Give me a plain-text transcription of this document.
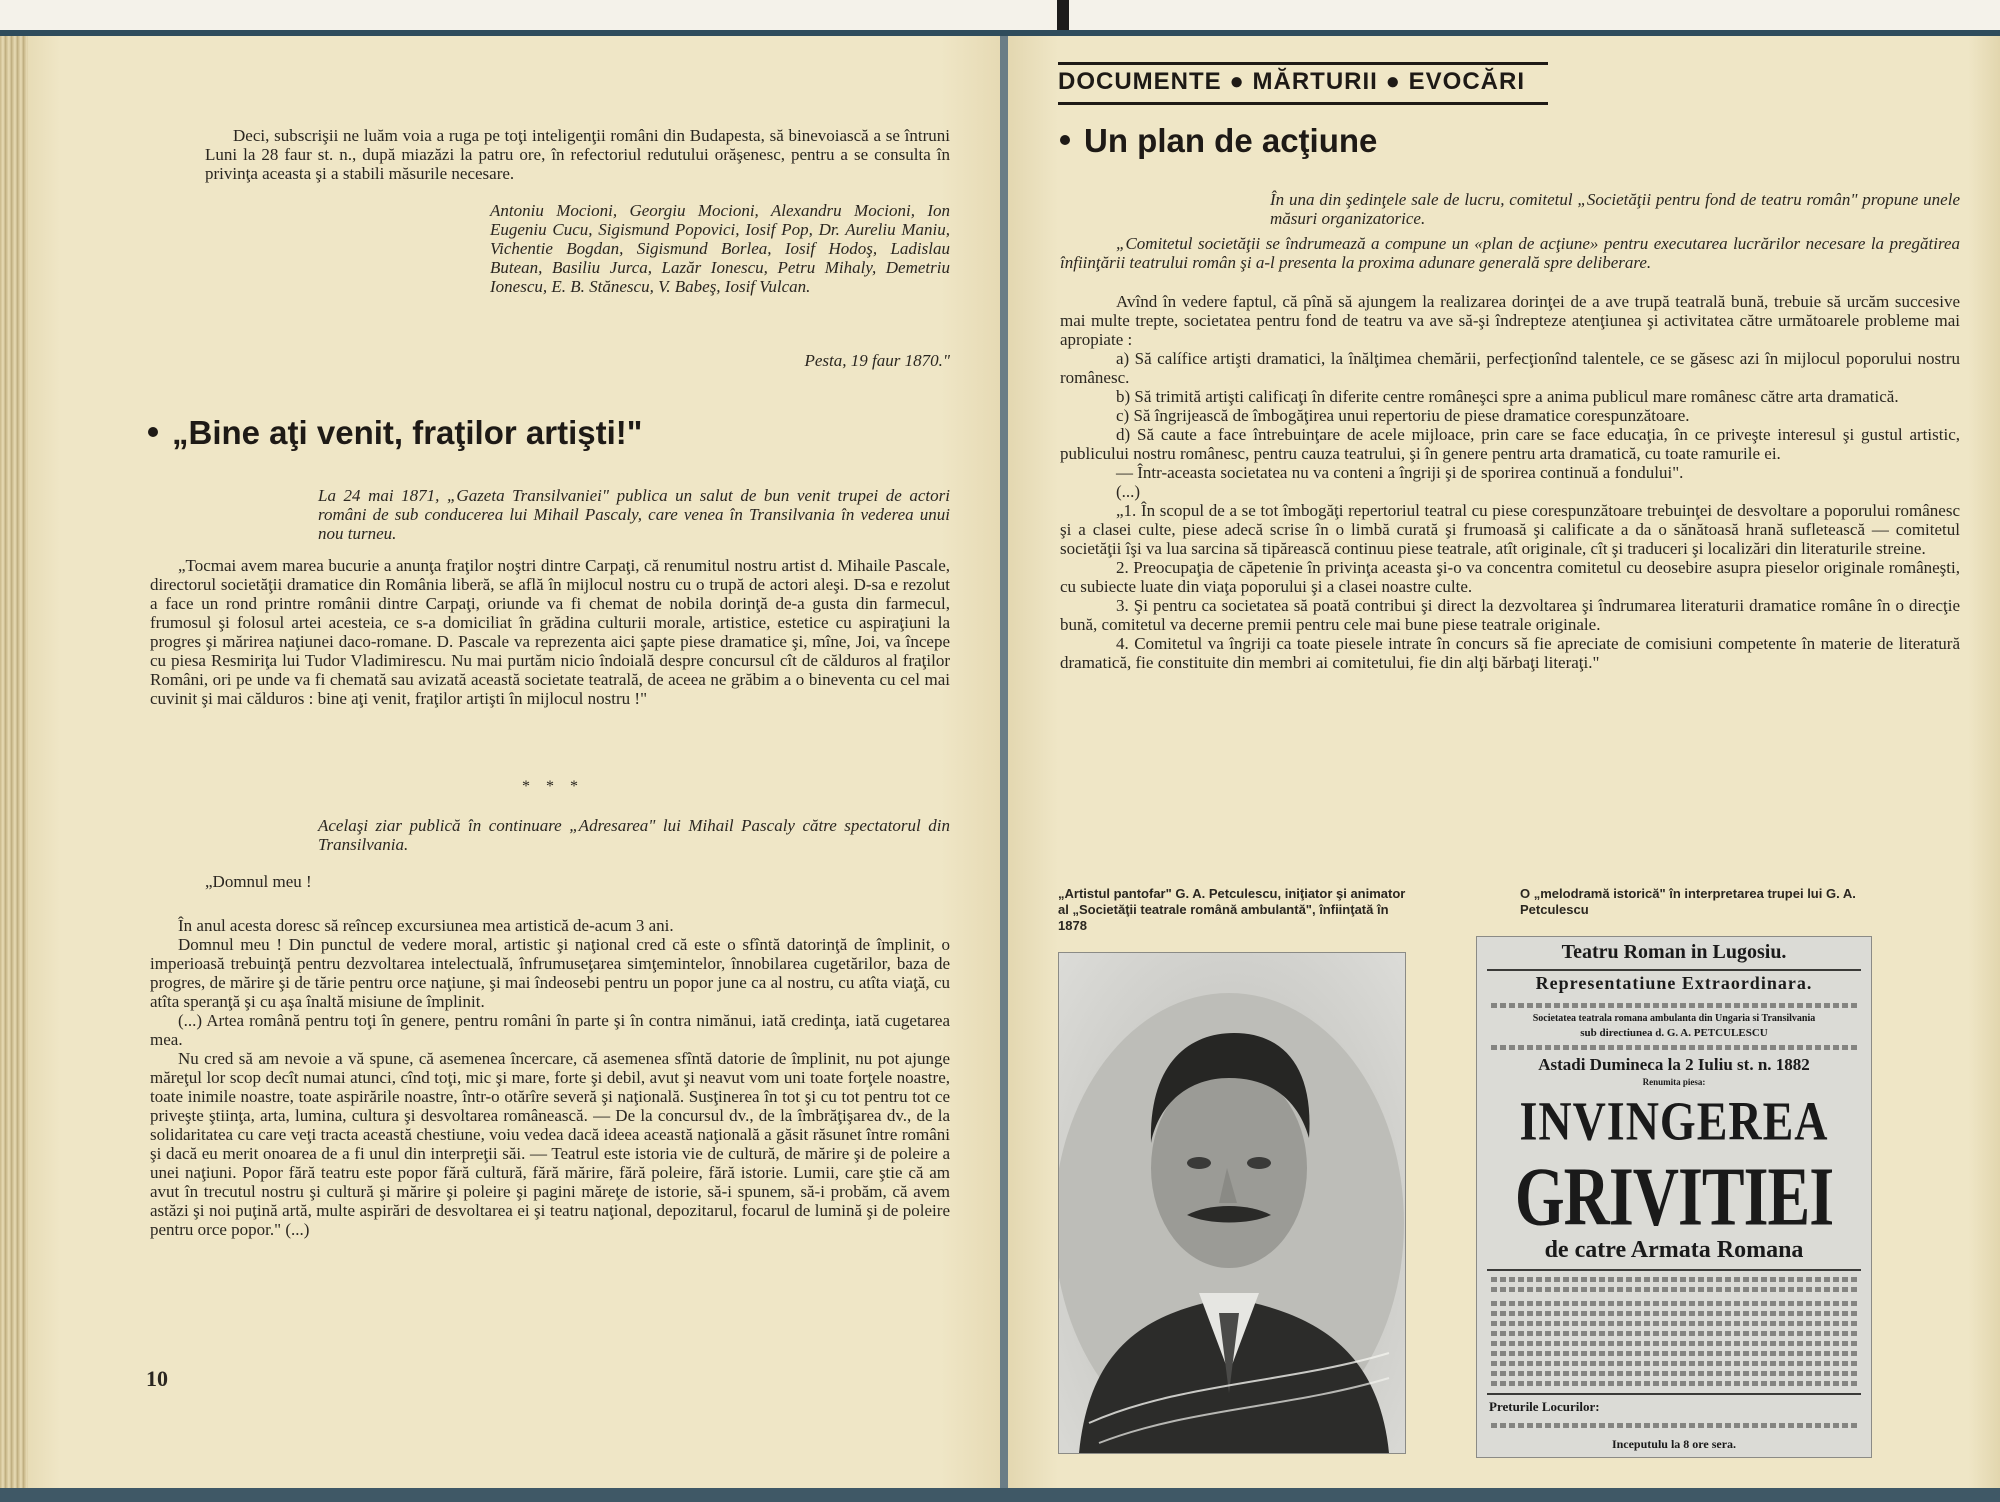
Deci, subscrişii ne luăm voia a ruga pe toţi inteligenţii români din Budapesta, să binevoiască a se întruni Luni la 28 faur st. n., după miazăzi la patru ore, în refectoriul redutului orăşenesc, pentru a se consulta în privinţa aceasta şi a stabili măsurile necesare.

Antoniu Mocioni, Georgiu Mocioni, Alexandru Mocioni, Ion Eugeniu Cucu, Sigismund Popovici, Iosif Pop, Dr. Aureliu Maniu, Vichentie Bogdan, Sigismund Borlea, Iosif Hodoş, Ladislau Butean, Basiliu Jurca, Lazăr Ionescu, Petru Mihaly, Demetriu Ionescu, E. B. Stănescu, V. Babeş, Iosif Vulcan.
Pesta, 19 faur 1870."
„Bine aţi venit, fraţilor artişti!"
La 24 mai 1871, „Gazeta Transilvaniei" publica un salut de bun venit trupei de actori români de sub conducerea lui Mihail Pascaly, care venea în Transilvania în vederea unui nou turneu.

„Tocmai avem marea bucurie a anunţa fraţilor noştri dintre Carpaţi, că renumitul nostru artist d. Mihaile Pascale, directorul societăţii dramatice din România liberă, se află în mijlocul nostru cu o trupă de actori aleşi. D-sa e rezolut a face un rond printre românii dintre Carpaţi, oriunde va fi chemat de nobila dorinţă de-a gusta din farmecul, frumosul şi folosul artei acesteia, ce s-a domiciliat în grădina culturii morale, artistice, estetice cu aspiraţiuni la progres şi mărirea naţiunei daco-romane. D. Pascale va reprezenta aici şapte piese dramatice şi, mîne, Joi, va începe cu piesa Resmiriţa lui Tudor Vladimirescu. Nu mai purtăm nicio îndoială despre concursul cît de călduros al fraţilor Români, ori pe unde va fi chemată sau avizată această societate teatrală, de aceea ne grăbim a o bineventa cu cel mai cuvinit şi mai călduros : bine aţi venit, fraţilor artişti în mijlocul nostru !"

* * *
Acelaşi ziar publică în continuare „Adresarea" lui Mihail Pascaly către spectatorul din Transilvania.
„Domnul meu !

În anul acesta doresc să reîncep excursiunea mea artistică de-acum 3 ani.

Domnul meu ! Din punctul de vedere moral, artistic şi naţional cred că este o sfîntă datorinţă de împlinit, o imperioasă trebuinţă pentru dezvoltarea intelectuală, înfrumuseţarea simţemintelor, înnobilarea cugetărilor, baza de progres, de mărire şi de tărie pentru orce naţiune, şi mai îndeosebi pentru un popor june ca al nostru, cu atîta viaţă, cu atîta speranţă şi cu aşa înaltă misiune de împlinit.

(...) Artea română pentru toţi în genere, pentru români în parte şi în contra nimănui, iată credinţa, iată cugetarea mea.

Nu cred să am nevoie a vă spune, că asemenea încercare, că asemenea sfîntă datorie de împlinit, nu pot ajunge măreţul lor scop decît numai atunci, cînd toţi, mic şi mare, forte şi debil, avut şi neavut vom uni toate forţele noastre, toate inimile noastre, toate aspirările noastre, într-o otărîre severă şi naţională. Susţinerea în tot şi cu tot pentru tot ce priveşte ştiinţa, arta, lumina, cultura şi desvoltarea românească. — De la concursul dv., de la îmbrăţişarea dv., de la solidaritatea cu care veţi tracta această chestiune, voiu vedea dacă ideea această naţională a găsit răsunet între români şi dacă eu merit onoarea de a fi unul din interpreţii săi. — Teatrul este istoria vie de cultură, de mărire şi de poleire a unei naţiuni. Popor fără teatru este popor fără cultură, fără mărire, fără poleire, fără istorie. Lumii, care ştie că am avut în trecutul nostru şi cultură şi mărire şi poleire şi pagini măreţe de istorie, să-i spunem, să-i probăm, că avem astăzi şi noi puţină artă, multe aspirări de desvoltarea ei şi teatru naţional, depozitarul, focarul de lumină şi de poleire pentru orce popor." (...)

10
DOCUMENTE ● MĂRTURII ● EVOCĂRI
Un plan de acţiune
În una din şedinţele sale de lucru, comitetul „Societăţii pentru fond de teatru român" propune unele măsuri organizatorice.

„Comitetul societăţii se îndrumează a compune un «plan de acţiune» pentru executarea lucrărilor necesare la pregătirea înfiinţării teatrului român şi a-l presenta la proxima adunare generală spre deliberare.

Avînd în vedere faptul, că pînă să ajungem la realizarea dorinţei de a ave trupă teatrală bună, trebuie să urcăm succesive mai multe trepte, societatea pentru fond de teatru va ave să-şi îndrepteze atenţiunea şi activitatea către următoarele probleme mai apropiate :

a) Să calífice artişti dramatici, la înălţimea chemării, perfecţionînd talentele, ce se găsesc azi în mijlocul poporului nostru românesc.

b) Să trimită artişti calificaţi în diferite centre româneşci spre a anima publicul mare românesc către arta dramatică.

c) Să îngrijească de îmbogăţirea unui repertoriu de piese dramatice corespunzătoare.

d) Să caute a face întrebuinţare de acele mijloace, prin care se face educaţia, în ce priveşte interesul şi gustul artistic, publicului nostru românesc, pentru cauza teatrului, şi în genere pentru arta dramatică, cu toate ramurile ei.

— Într-aceasta societatea nu va conteni a îngriji şi de sporirea continuă a fondului".

(...)

„1. În scopul de a se tot îmbogăţi repertoriul teatral cu piese corespunzătoare trebuinţei de desvoltare a poporului românesc şi a clasei culte, piese adecă scrise în o limbă curată şi frumoasă şi calificate a da o sănătoasă hrană sufletească — comitetul societăţii îşi va lua sarcina să tipărească continuu piese teatrale, atît originale, cît şi traduceri şi localizări din literaturile streine.

2. Preocupaţia de căpetenie în privinţa aceasta şi-o va concentra comitetul cu deosebire asupra pieselor originale româneşti, cu subiecte luate din viaţa poporului şi a clasei noastre culte.

3. Şi pentru ca societatea să poată contribui şi direct la dezvoltarea şi îndrumarea literaturii dramatice române în o direcţie bună, comitetul va decerne premii pentru cele mai bune piese teatrale originale.

4. Comitetul va îngriji ca toate piesele intrate în concurs să fie apreciate de comisiuni competente în materie de literatură dramatică, fie constituite din membri ai comitetului, fie din alţi bărbaţi literaţi."

„Artistul pantofar" G. A. Petculescu, iniţiator şi animator al „Societăţii teatrale română ambulantă", înfiinţată în 1878

O „melodramă istorică" în interpretarea trupei lui G. A. Petculescu

Teatru Roman in Lugosiu.
Representatiune Extraordinara.
Societatea teatrala romana ambulanta din Ungaria si Transilvania
sub directiunea d. G. A. PETCULESCU
Astadi Dumineca la 2 Iuliu st. n. 1882
Renumita piesa:
INVINGEREA
GRIVITIEI
de catre Armata Romana
Preturile Locurilor:
Inceputulu la 8 ore sera.
